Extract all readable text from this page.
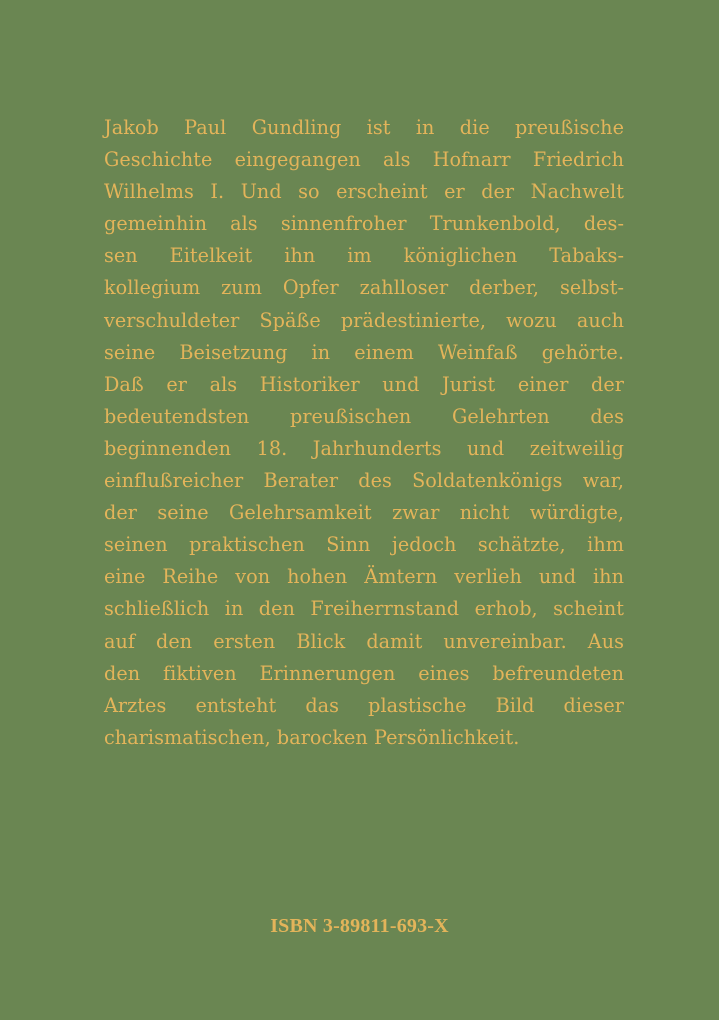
Jakob Paul Gundling ist in die preußische
Geschichte eingegangen als Hofnarr Friedrich
Wilhelms I. Und so erscheint er der Nachwelt
gemeinhin als sinnenfroher Trunkenbold, des-
sen Eitelkeit ihn im königlichen Tabaks-
kollegium zum Opfer zahlloser derber, selbst-
verschuldeter Späße prädestinierte, wozu auch
seine Beisetzung in einem Weinfaß gehörte.
Daß er als Historiker und Jurist einer der
bedeutendsten preußischen Gelehrten des
beginnenden 18. Jahrhunderts und zeitweilig
einflußreicher Berater des Soldatenkönigs war,
der seine Gelehrsamkeit zwar nicht würdigte,
seinen praktischen Sinn jedoch schätzte, ihm
eine Reihe von hohen Ämtern verlieh und ihn
schließlich in den Freiherrnstand erhob, scheint
auf den ersten Blick damit unvereinbar. Aus
den fiktiven Erinnerungen eines befreundeten
Arztes entsteht das plastische Bild dieser
charismatischen, barocken Persönlichkeit.
ISBN 3-89811-693-X
